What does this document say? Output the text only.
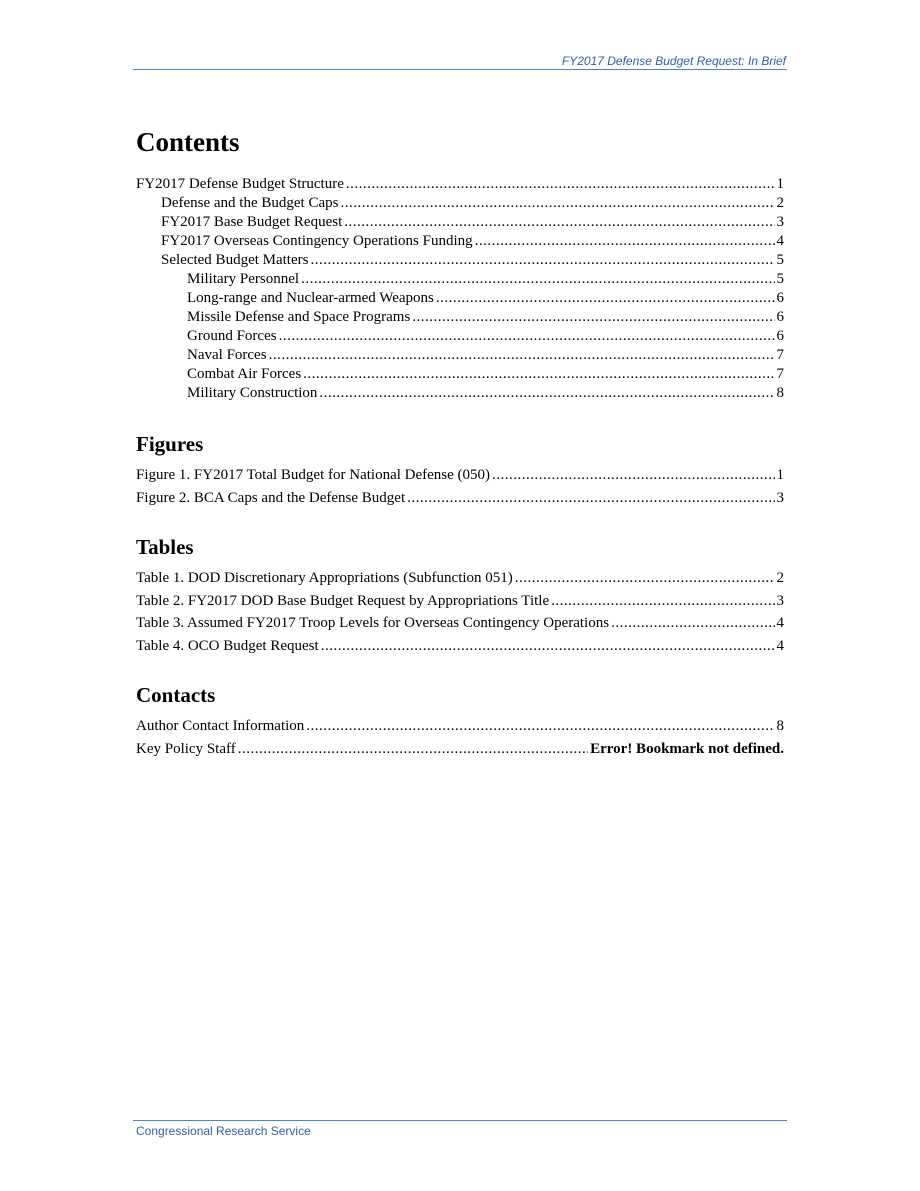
FY2017 Defense Budget Request: In Brief
Contents
FY2017 Defense Budget Structure .....	1
Defense and the Budget Caps .....	2
FY2017 Base Budget Request .....	3
FY2017 Overseas Contingency Operations Funding .....	4
Selected Budget Matters .....	5
Military Personnel .....	5
Long-range and Nuclear-armed Weapons .....	6
Missile Defense and Space Programs .....	6
Ground Forces .....	6
Naval Forces .....	7
Combat Air Forces .....	7
Military Construction .....	8
Figures
Figure 1. FY2017 Total Budget for National Defense (050) .....	1
Figure 2. BCA Caps and the Defense Budget .....	3
Tables
Table 1. DOD Discretionary Appropriations (Subfunction 051) .....	2
Table 2. FY2017 DOD Base Budget Request by Appropriations Title .....	3
Table 3. Assumed FY2017 Troop Levels for Overseas Contingency Operations .....	4
Table 4. OCO Budget Request .....	4
Contacts
Author Contact Information .....	8
Key Policy Staff .....	Error! Bookmark not defined.
Congressional Research Service
